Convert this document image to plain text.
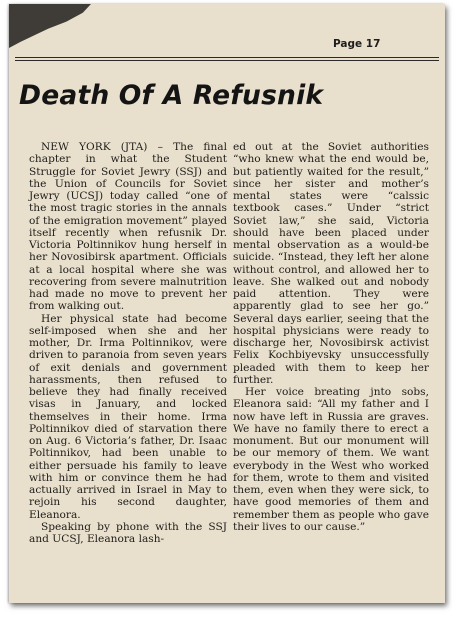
Page 17
Death Of A Refusnik

NEW YORK (JTA) – The final chapter in what the Student Struggle for Soviet Jewry (SSJ) and the Union of Councils for Soviet Jewry (UCSJ) today called “one of the most tragic stories in the annals of the emigration movement” played itself recently when refusnik Dr. Victoria Poltinnikov hung herself in her Novosibirsk apartment. Officials at a local hospital where she was recovering from severe malnutrition had made no move to prevent her from walking out.

Her physical state had become self-imposed when she and her mother, Dr. Irma Poltinnikov, were driven to paranoia from seven years of exit denials and government harassments, then refused to believe they had finally received visas in January, and locked themselves in their home. Irma Poltinnikov died of starvation there on Aug. 6 Victoria’s father, Dr. Isaac Poltinnikov, had been unable to either persuade his family to leave with him or convince them he had actually arrived in Israel in May to rejoin his second daughter, Eleanora.

Speaking by phone with the SSJ and UCSJ, Eleanora lash-

ed out at the Soviet authorities “who knew what the end would be, but patiently waited for the result,” since her sister and mother’s mental states were “calssic textbook cases.” Under “strict Soviet law,” she said, Victoria should have been placed under mental observation as a would-be suicide. “Instead, they left her alone without control, and allowed her to leave. She walked out and nobody paid attention. They were apparently glad to see her go.” Several days earlier, seeing that the hospital physicians were ready to discharge her, Novosibirsk activist Felix Kochbiyevsky unsuccessfully pleaded with them to keep her further.

Her voice breating jnto sobs, Eleanora said: “All my father and I now have left in Russia are graves. We have no family there to erect a monument. But our monument will be our memory of them. We want everybody in the West who worked for them, wrote to them and visited them, even when they were sick, to have good memories of them and remember them as people who gave their lives to our cause.”
